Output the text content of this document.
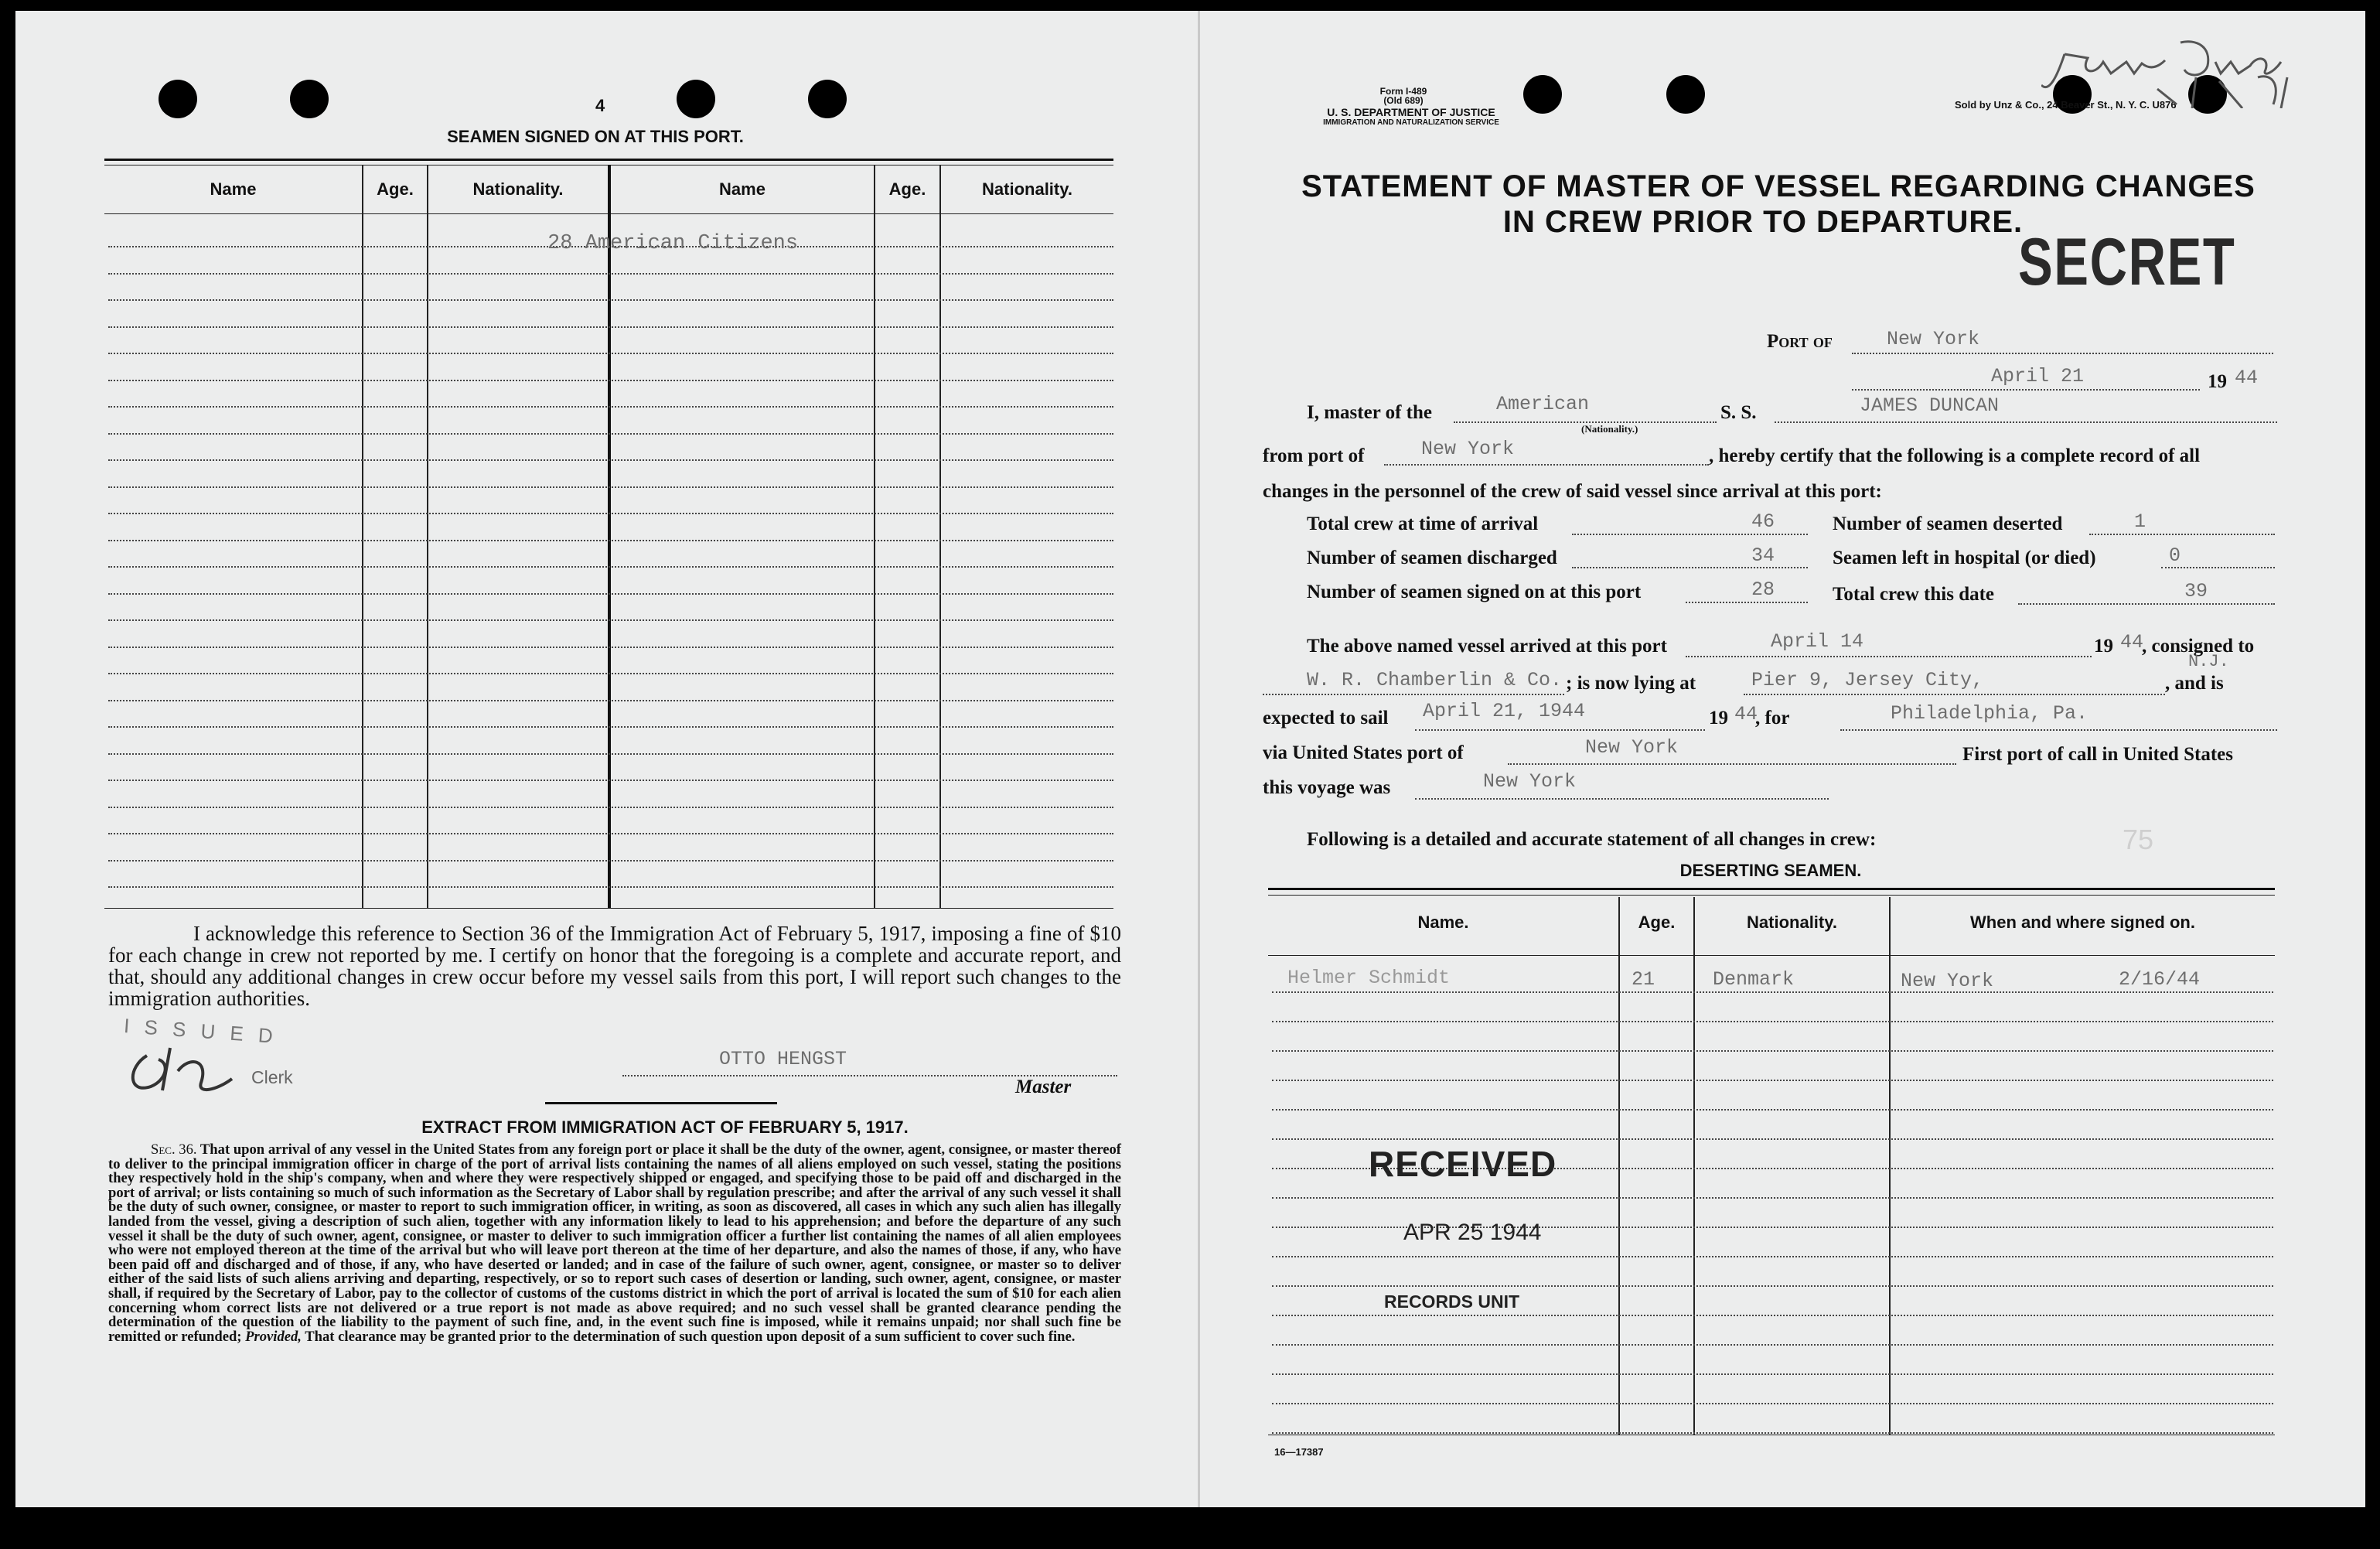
4
SEAMEN SIGNED ON AT THIS PORT.
Name	Age.	Nationality.	Name	Age.	Nationality.
28 American Citizens
I acknowledge this reference to Section 36 of the Immigration Act of February 5, 1917, imposing a fine of $10 for each change in crew not reported by me. I certify on honor that the foregoing is a complete and accurate report, and that, should any additional changes in crew occur before my vessel sails from this port, I will report such changes to the immigration authorities.
I S S U E D
Clerk
OTTO HENGST
Master
EXTRACT FROM IMMIGRATION ACT OF FEBRUARY 5, 1917.
Sec. 36. That upon arrival of any vessel in the United States from any foreign port or place it shall be the duty of the owner, agent, consignee, or master thereof to deliver to the principal immigration officer in charge of the port of arrival lists containing the names of all aliens employed on such vessel, stating the positions they respectively hold in the ship's company, when and where they were respectively shipped or engaged, and specifying those to be paid off and discharged in the port of arrival; or lists containing so much of such information as the Secretary of Labor shall by regulation prescribe; and after the arrival of any such vessel it shall be the duty of such owner, consignee, or master to report to such immigration officer, in writing, as soon as discovered, all cases in which any such alien has illegally landed from the vessel, giving a description of such alien, together with any information likely to lead to his apprehension; and before the departure of any such vessel it shall be the duty of such owner, agent, consignee, or master to deliver to such immigration officer a further list containing the names of all alien employees who were not employed thereon at the time of the arrival but who will leave port thereon at the time of her departure, and also the names of those, if any, who have been paid off and discharged and of those, if any, who have deserted or landed; and in case of the failure of such owner, agent, consignee, or master so to deliver either of the said lists of such aliens arriving and departing, respectively, or so to report such cases of desertion or landing, such owner, agent, consignee, or master shall, if required by the Secretary of Labor, pay to the collector of customs of the customs district in which the port of arrival is located the sum of $10 for each alien concerning whom correct lists are not delivered or a true report is not made as above required; and no such vessel shall be granted clearance pending the determination of the question of the liability to the payment of such fine, and, in the event such fine is imposed, while it remains unpaid; nor shall such fine be remitted or refunded; Provided, That clearance may be granted prior to the determination of such question upon deposit of a sum sufficient to cover such fine.
Form I-489
(Old 689)
U. S. DEPARTMENT OF JUSTICE
IMMIGRATION AND NATURALIZATION SERVICE
Sold by Unz & Co., 24 Beaver St., N. Y. C. U876
STATEMENT OF MASTER OF VESSEL REGARDING CHANGES
IN CREW PRIOR TO DEPARTURE.
SECRET
Port of	New York
April 21	19 44
I, master of the	American
(Nationality.)
S. S.	JAMES DUNCAN
from port of	New York	, hereby certify that the following is a complete record of all
changes in the personnel of the crew of said vessel since arrival at this port:
Total crew at time of arrival	46	Number of seamen deserted	1
Number of seamen discharged	34	Seamen left in hospital (or died)	0
Number of seamen signed on at this port	28	Total crew this date	39
The above named vessel arrived at this port	April 14	19 44
, consigned to
W. R. Chamberlin & Co. ; is now lying at	Pier 9, Jersey City,
N.J.
, and is
expected to sail April 21, 1944	19 44
, for	Philadelphia, Pa.
via United States port of	New York	First port of call in United States
this voyage was	New York
Following is a detailed and accurate statement of all changes in crew:	75
DESERTING SEAMEN.
Name.	Age.	Nationality.	When and where signed on.
Helmer Schmidt	21	Denmark	New York	2/16/44
RECEIVED
APR 25 1944
RECORDS UNIT
16—17387
